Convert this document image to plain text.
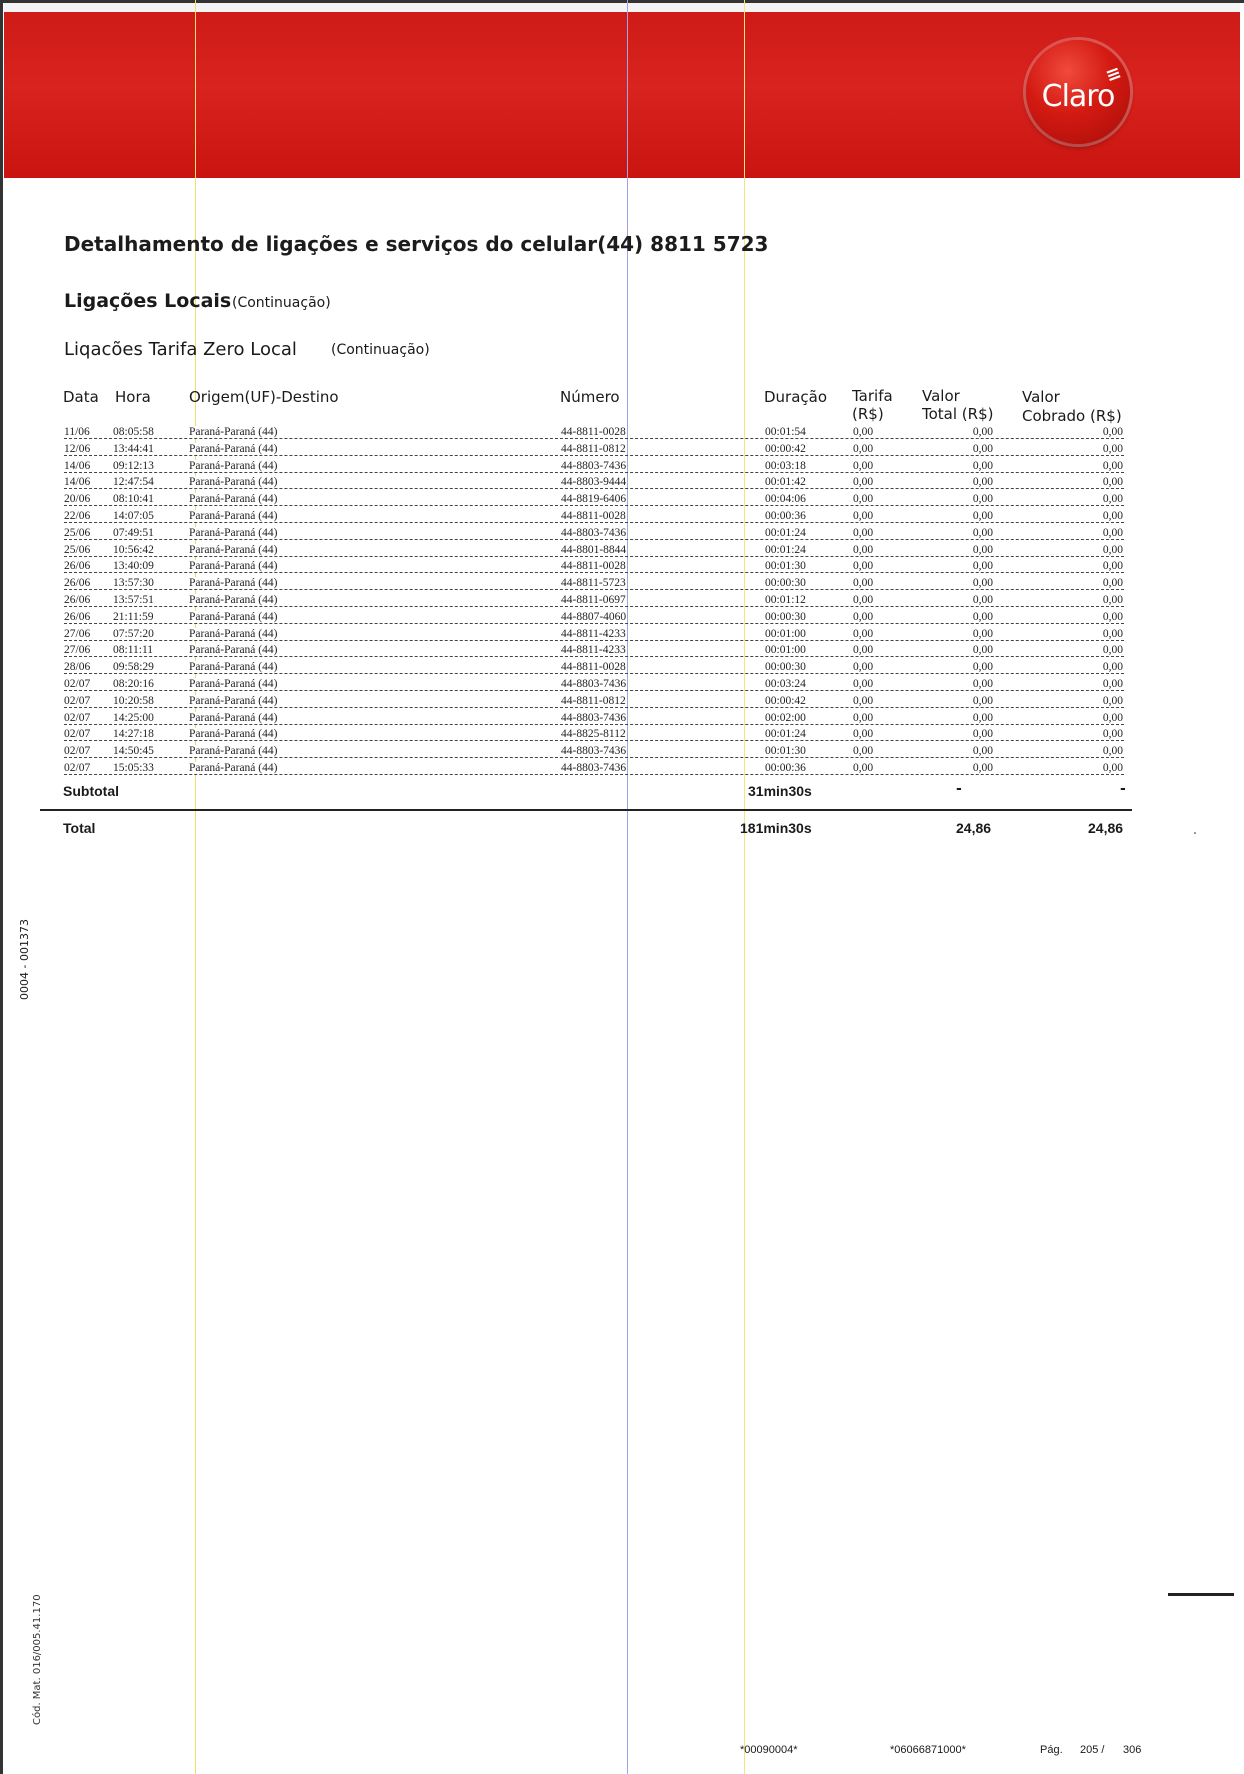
Claro
≡
Detalhamento de ligações e serviços do celular(44) 8811 5723
Ligações Locais (Continuação)
Liqacões Tarifa Zero Local (Continuação)
Data Hora	Origem(UF)-Destino	Número	Duração Tarifa
(R$)
Valor
Total (R$)
Valor
Cobrado (R$)
11/06 08:05:58	Paraná-Paraná (44)	44-8811-0028	00:01:54	0,00	0,00	0,00
12/06 13:44:41	Paraná-Paraná (44)	44-8811-0812	00:00:42	0,00	0,00	0,00
14/06 09:12:13	Paraná-Paraná (44)	44-8803-7436	00:03:18	0,00	0,00	0,00
14/06 12:47:54	Paraná-Paraná (44)	44-8803-9444	00:01:42	0,00	0,00	0,00
20/06 08:10:41	Paraná-Paraná (44)	44-8819-6406	00:04:06	0,00	0,00	0,00
22/06 14:07:05	Paraná-Paraná (44)	44-8811-0028	00:00:36	0,00	0,00	0,00
25/06 07:49:51	Paraná-Paraná (44)	44-8803-7436	00:01:24	0,00	0,00	0,00
25/06 10:56:42	Paraná-Paraná (44)	44-8801-8844	00:01:24	0,00	0,00	0,00
26/06 13:40:09	Paraná-Paraná (44)	44-8811-0028	00:01:30	0,00	0,00	0,00
26/06 13:57:30	Paraná-Paraná (44)	44-8811-5723	00:00:30	0,00	0,00	0,00
26/06 13:57:51	Paraná-Paraná (44)	44-8811-0697	00:01:12	0,00	0,00	0,00
26/06 21:11:59	Paraná-Paraná (44)	44-8807-4060	00:00:30	0,00	0,00	0,00
27/06 07:57:20	Paraná-Paraná (44)	44-8811-4233	00:01:00	0,00	0,00	0,00
27/06 08:11:11	Paraná-Paraná (44)	44-8811-4233	00:01:00	0,00	0,00	0,00
28/06 09:58:29	Paraná-Paraná (44)	44-8811-0028	00:00:30	0,00	0,00	0,00
02/07 08:20:16	Paraná-Paraná (44)	44-8803-7436	00:03:24	0,00	0,00	0,00
02/07 10:20:58	Paraná-Paraná (44)	44-8811-0812	00:00:42	0,00	0,00	0,00
02/07 14:25:00	Paraná-Paraná (44)	44-8803-7436	00:02:00	0,00	0,00	0,00
02/07 14:27:18	Paraná-Paraná (44)	44-8825-8112	00:01:24	0,00	0,00	0,00
02/07 14:50:45	Paraná-Paraná (44)	44-8803-7436	00:01:30	0,00	0,00	0,00
02/07 15:05:33	Paraná-Paraná (44)	44-8803-7436	00:00:36	0,00	0,00	0,00
Subtotal	31min30s	-	-
Total	181min30s	24,86	24,86
0004 - 001373
Cód. Mat. 016/005.41.170
*00090004*	*06066871000*	Pág. 205 / 306
